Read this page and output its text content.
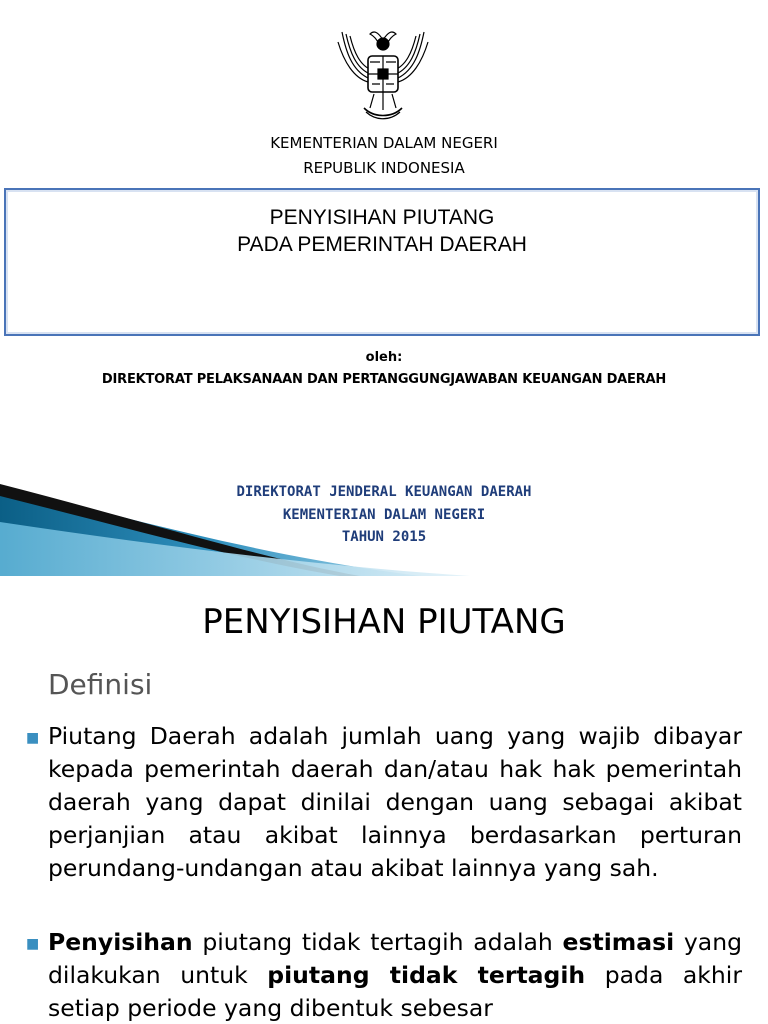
KEMENTERIAN DALAM NEGERI
REPUBLIK INDONESIA
PENYISIHAN PIUTANG
PADA PEMERINTAH DAERAH
oleh:
DIREKTORAT PELAKSANAAN DAN PERTANGGUNGJAWABAN KEUANGAN DAERAH
DIREKTORAT JENDERAL KEUANGAN DAERAH
KEMENTERIAN DALAM NEGERI
TAHUN 2015
PENYISIHAN PIUTANG
Definisi
■ Piutang Daerah adalah jumlah uang yang wajib dibayar kepada pemerintah daerah dan/atau hak hak pemerintah daerah yang dapat dinilai dengan uang sebagai akibat perjanjian atau akibat lainnya berdasarkan perturan perundang-undangan atau akibat lainnya yang sah.
■ Penyisihan piutang tidak tertagih adalah estimasi yang dilakukan untuk piutang tidak tertagih pada akhir setiap periode yang dibentuk sebesar
